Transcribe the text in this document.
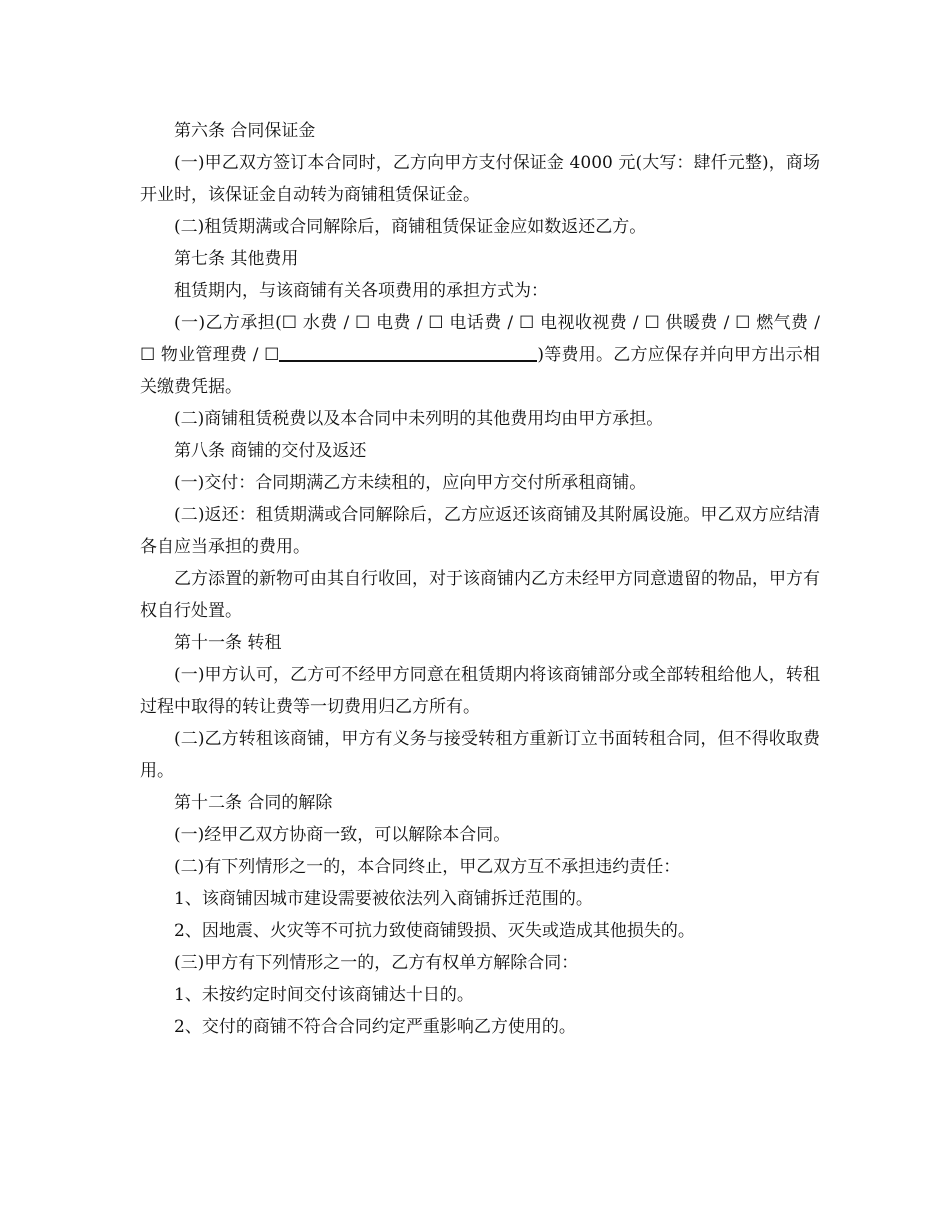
第六条 合同保证金

(一)甲乙双方签订本合同时，乙方向甲方支付保证金 4000 元(大写：肆仟元整)，商场开业时，该保证金自动转为商铺租赁保证金。

(二)租赁期满或合同解除后，商铺租赁保证金应如数返还乙方。

第七条 其他费用

租赁期内，与该商铺有关各项费用的承担方式为：

(一)乙方承担(☐ 水费 / ☐ 电费 / ☐ 电话费 / ☐ 电视收视费 / ☐ 供暖费 / ☐ 燃气费 / ☐ 物业管理费 / ☐	)等费用。乙方应保存并向甲方出示相关缴费凭据。

(二)商铺租赁税费以及本合同中未列明的其他费用均由甲方承担。

第八条 商铺的交付及返还

(一)交付：合同期满乙方未续租的，应向甲方交付所承租商铺。

(二)返还：租赁期满或合同解除后，乙方应返还该商铺及其附属设施。甲乙双方应结清各自应当承担的费用。

乙方添置的新物可由其自行收回，对于该商铺内乙方未经甲方同意遗留的物品，甲方有权自行处置。

第十一条 转租

(一)甲方认可，乙方可不经甲方同意在租赁期内将该商铺部分或全部转租给他人，转租过程中取得的转让费等一切费用归乙方所有。

(二)乙方转租该商铺，甲方有义务与接受转租方重新订立书面转租合同，但不得收取费用。

第十二条 合同的解除

(一)经甲乙双方协商一致，可以解除本合同。

(二)有下列情形之一的，本合同终止，甲乙双方互不承担违约责任：

1、该商铺因城市建设需要被依法列入商铺拆迁范围的。

2、因地震、火灾等不可抗力致使商铺毁损、灭失或造成其他损失的。

(三)甲方有下列情形之一的，乙方有权单方解除合同：

1、未按约定时间交付该商铺达十日的。

2、交付的商铺不符合合同约定严重影响乙方使用的。
